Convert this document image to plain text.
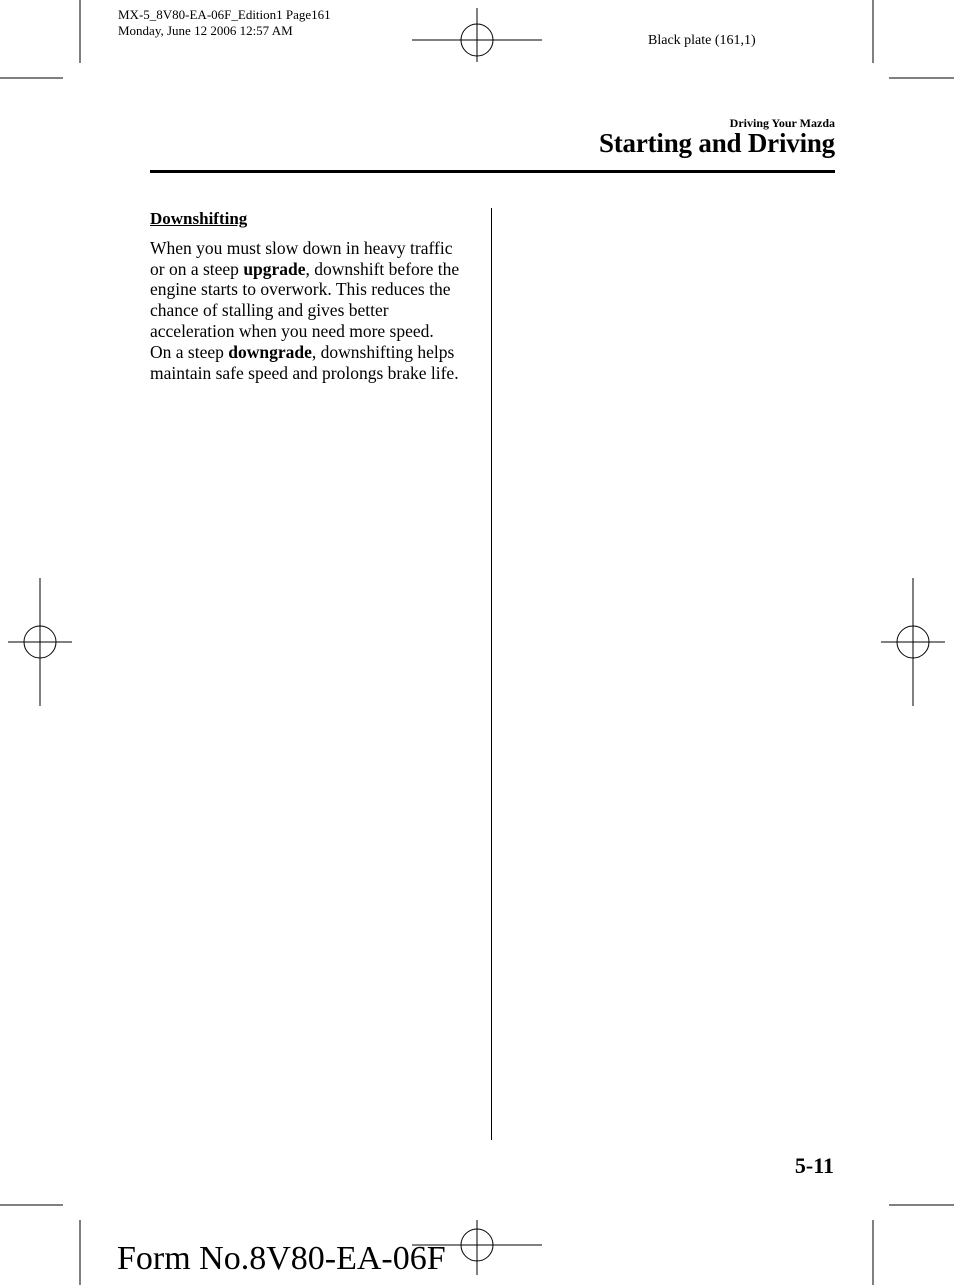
MX-5_8V80-EA-06F_Edition1 Page161
Monday, June 12 2006 12:57 AM
Black plate (161,1)
Driving Your Mazda
Starting and Driving
Downshifting

When you must slow down in heavy traffic or on a steep upgrade, downshift before the engine starts to overwork. This reduces the chance of stalling and gives better acceleration when you need more speed.

On a steep downgrade, downshifting helps maintain safe speed and prolongs brake life.

5-11
Form No.8V80-EA-06F
